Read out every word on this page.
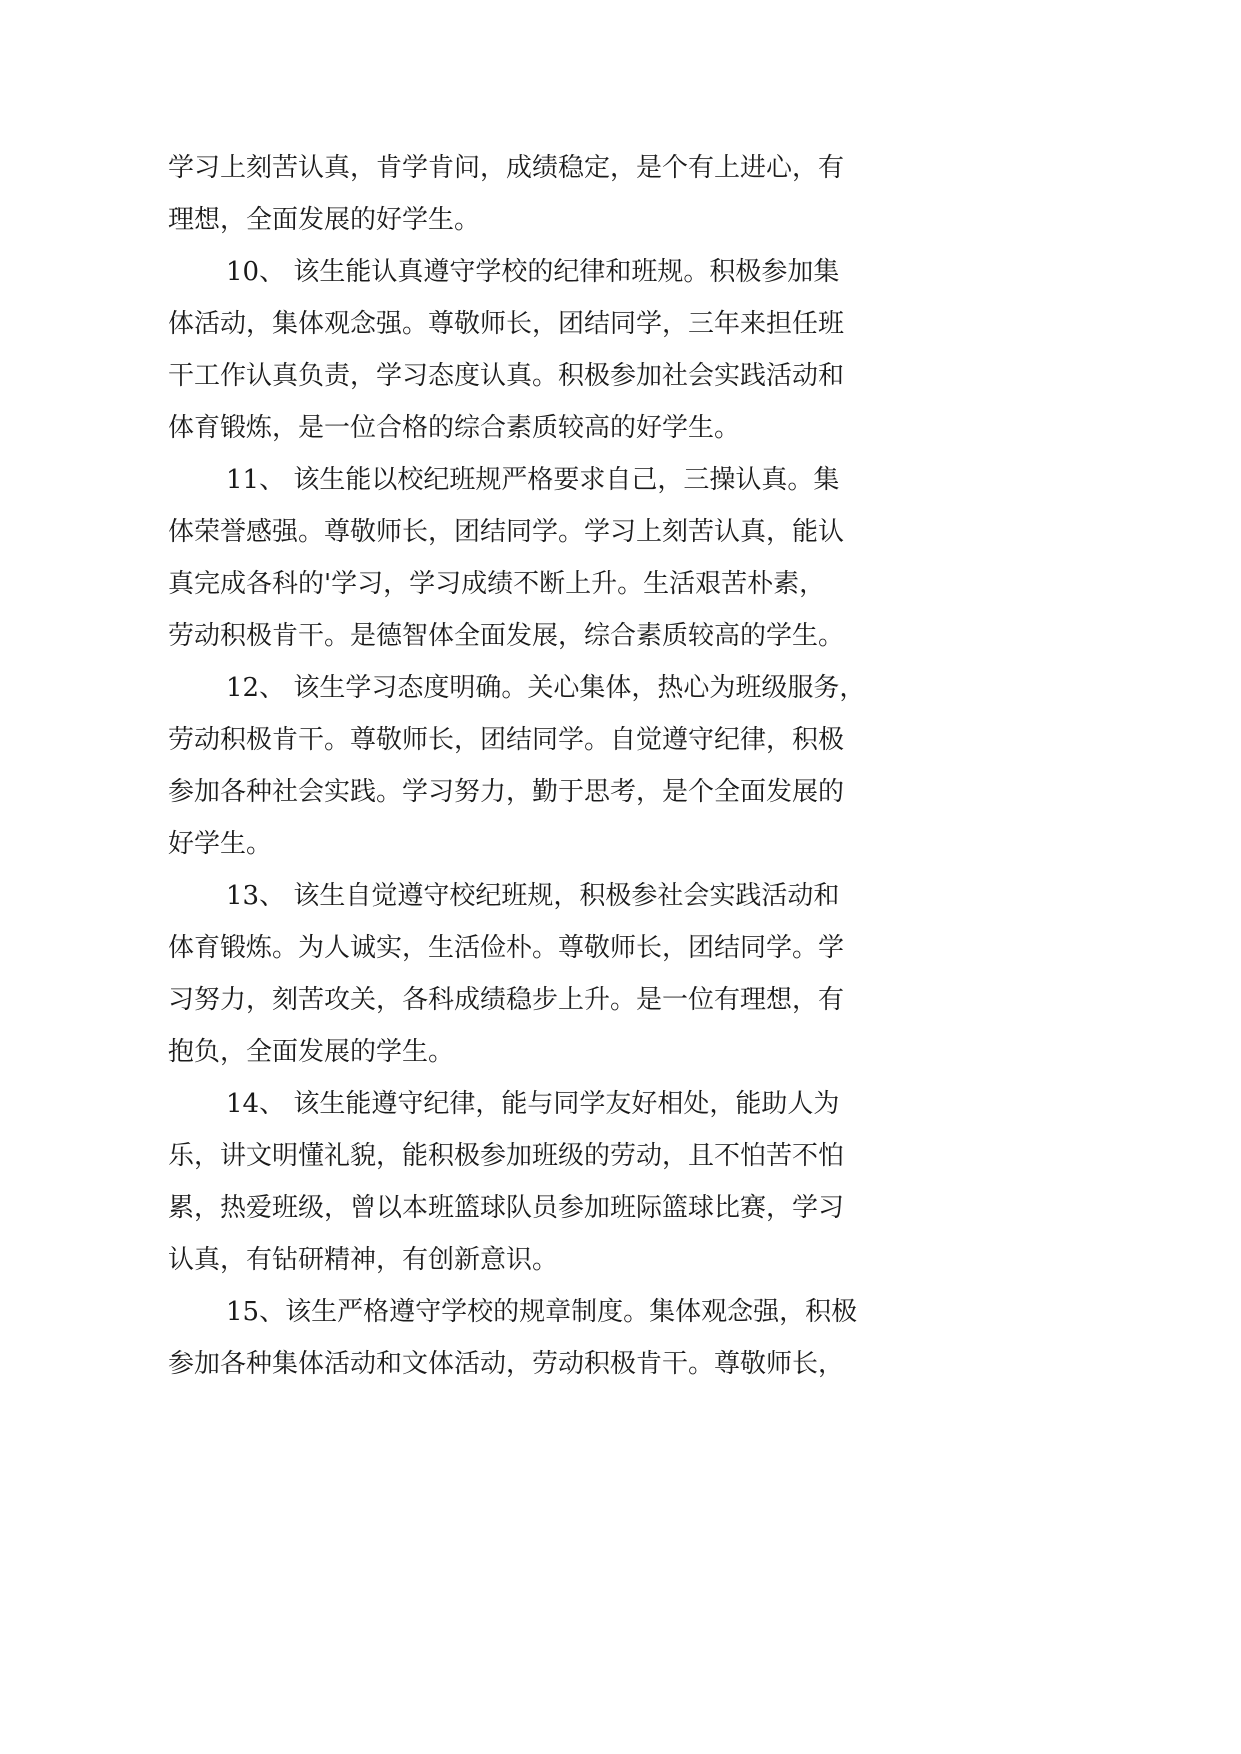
学习上刻苦认真，肯学肯问，成绩稳定，是个有上进心，有
理想，全面发展的好学生。
10、 该生能认真遵守学校的纪律和班规。积极参加集
体活动，集体观念强。尊敬师长，团结同学，三年来担任班
干工作认真负责，学习态度认真。积极参加社会实践活动和
体育锻炼，是一位合格的综合素质较高的好学生。
11、 该生能以校纪班规严格要求自己，三操认真。集
体荣誉感强。尊敬师长，团结同学。学习上刻苦认真，能认
真完成各科的'学习，学习成绩不断上升。生活艰苦朴素，
劳动积极肯干。是德智体全面发展，综合素质较高的学生。
12、 该生学习态度明确。关心集体，热心为班级服务，
劳动积极肯干。尊敬师长，团结同学。自觉遵守纪律，积极
参加各种社会实践。学习努力，勤于思考，是个全面发展的
好学生。
13、 该生自觉遵守校纪班规，积极参社会实践活动和
体育锻炼。为人诚实，生活俭朴。尊敬师长，团结同学。学
习努力，刻苦攻关，各科成绩稳步上升。是一位有理想，有
抱负，全面发展的学生。
14、 该生能遵守纪律，能与同学友好相处，能助人为
乐，讲文明懂礼貌，能积极参加班级的劳动，且不怕苦不怕
累，热爱班级，曾以本班篮球队员参加班际篮球比赛，学习
认真，有钻研精神，有创新意识。
15、该生严格遵守学校的规章制度。集体观念强，积极
参加各种集体活动和文体活动，劳动积极肯干。尊敬师长，
